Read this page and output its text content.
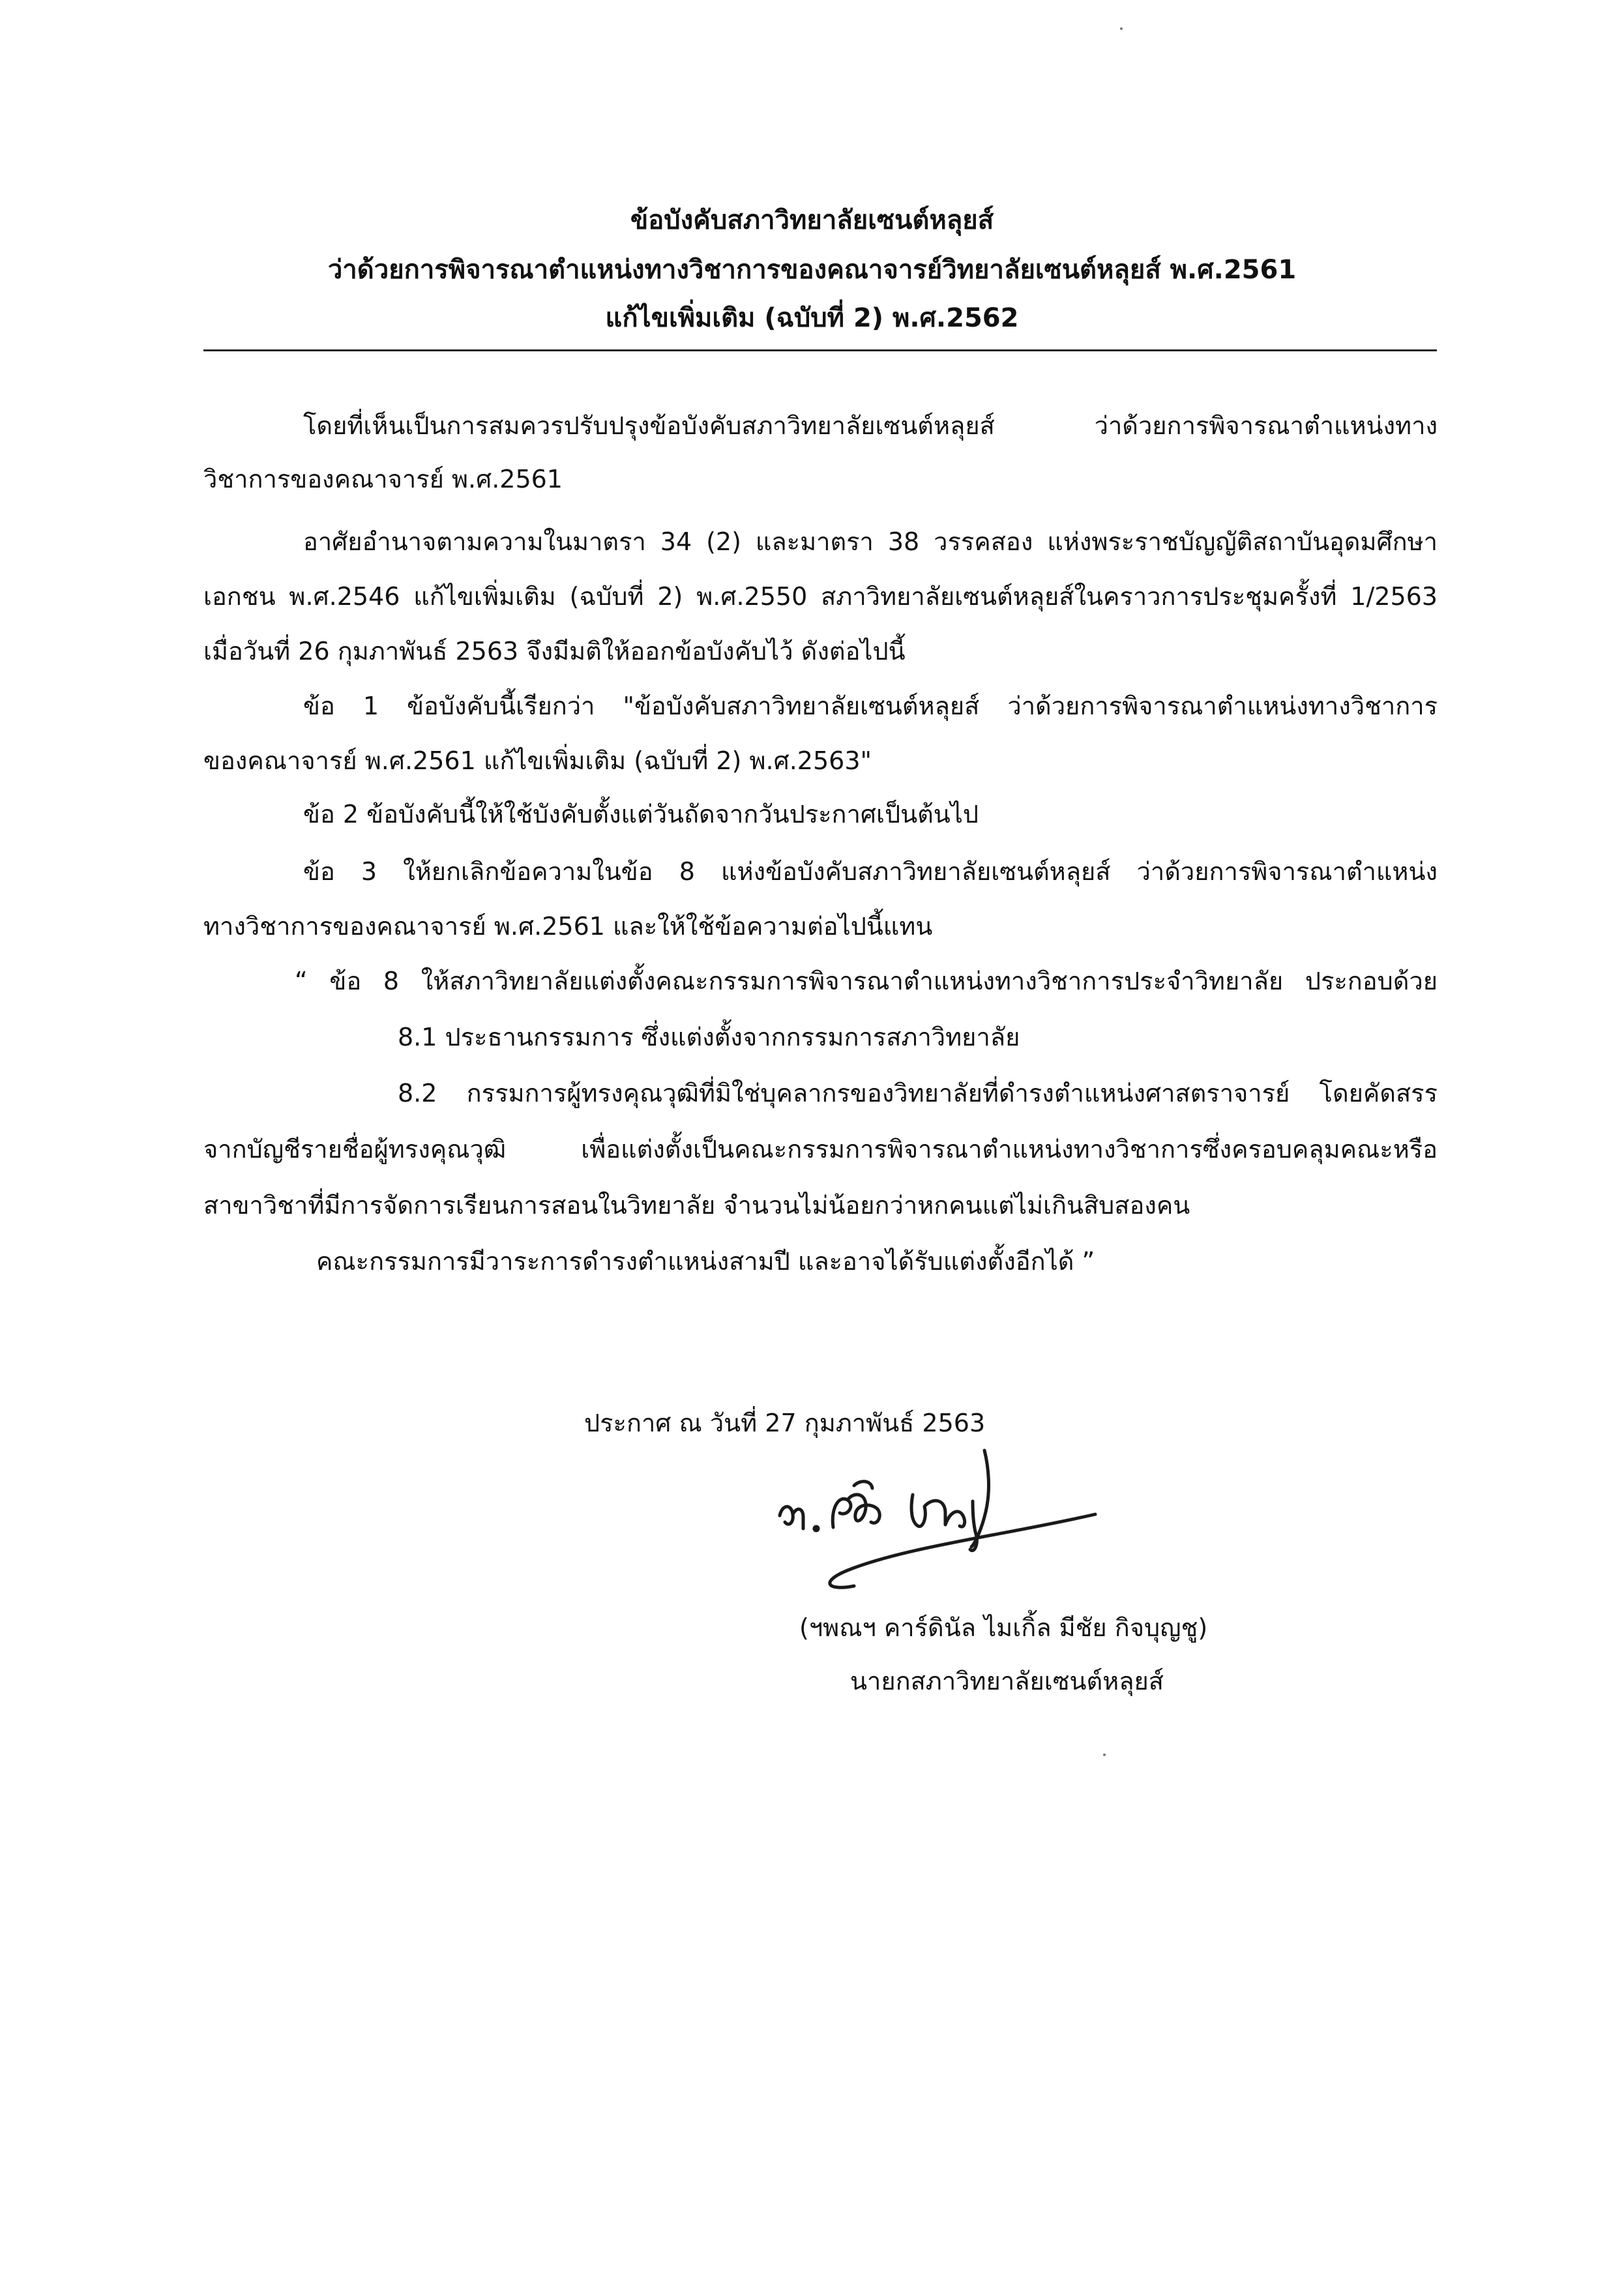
ข้อบังคับสภาวิทยาลัยเซนต์หลุยส์
ว่าด้วยการพิจารณาตำแหน่งทางวิชาการของคณาจารย์วิทยาลัยเซนต์หลุยส์ พ.ศ.2561
แก้ไขเพิ่มเติม (ฉบับที่ 2) พ.ศ.2562
โดยที่เห็นเป็นการสมควรปรับปรุงข้อบังคับสภาวิทยาลัยเซนต์หลุยส์ ว่าด้วยการพิจารณาตำแหน่งทาง
วิชาการของคณาจารย์ พ.ศ.2561
อาศัยอำนาจตามความในมาตรา 34 (2) และมาตรา 38 วรรคสอง แห่งพระราชบัญญัติสถาบันอุดมศึกษา
เอกชน พ.ศ.2546 แก้ไขเพิ่มเติม (ฉบับที่ 2) พ.ศ.2550 สภาวิทยาลัยเซนต์หลุยส์ในคราวการประชุมครั้งที่ 1/2563
เมื่อวันที่ 26 กุมภาพันธ์ 2563 จึงมีมติให้ออกข้อบังคับไว้ ดังต่อไปนี้
ข้อ 1 ข้อบังคับนี้เรียกว่า "ข้อบังคับสภาวิทยาลัยเซนต์หลุยส์ ว่าด้วยการพิจารณาตำแหน่งทางวิชาการ
ของคณาจารย์ พ.ศ.2561 แก้ไขเพิ่มเติม (ฉบับที่ 2) พ.ศ.2563"
ข้อ 2 ข้อบังคับนี้ให้ใช้บังคับตั้งแต่วันถัดจากวันประกาศเป็นต้นไป
ข้อ 3 ให้ยกเลิกข้อความในข้อ 8 แห่งข้อบังคับสภาวิทยาลัยเซนต์หลุยส์ ว่าด้วยการพิจารณาตำแหน่ง
ทางวิชาการของคณาจารย์ พ.ศ.2561 และให้ใช้ข้อความต่อไปนี้แทน
“ ข้อ 8 ให้สภาวิทยาลัยแต่งตั้งคณะกรรมการพิจารณาตำแหน่งทางวิชาการประจำวิทยาลัย ประกอบด้วย
8.1 ประธานกรรมการ ซึ่งแต่งตั้งจากกรรมการสภาวิทยาลัย
8.2 กรรมการผู้ทรงคุณวุฒิที่มิใช่บุคลากรของวิทยาลัยที่ดำรงตำแหน่งศาสตราจารย์ โดยคัดสรร
จากบัญชีรายชื่อผู้ทรงคุณวุฒิ เพื่อแต่งตั้งเป็นคณะกรรมการพิจารณาตำแหน่งทางวิชาการซึ่งครอบคลุมคณะหรือ
สาขาวิชาที่มีการจัดการเรียนการสอนในวิทยาลัย จำนวนไม่น้อยกว่าหกคนแต่ไม่เกินสิบสองคน
คณะกรรมการมีวาระการดำรงตำแหน่งสามปี และอาจได้รับแต่งตั้งอีกได้ ”
ประกาศ ณ วันที่ 27 กุมภาพันธ์ 2563
(ฯพณฯ คาร์ดินัล ไมเกิ้ล มีชัย กิจบุญชู)
นายกสภาวิทยาลัยเซนต์หลุยส์
